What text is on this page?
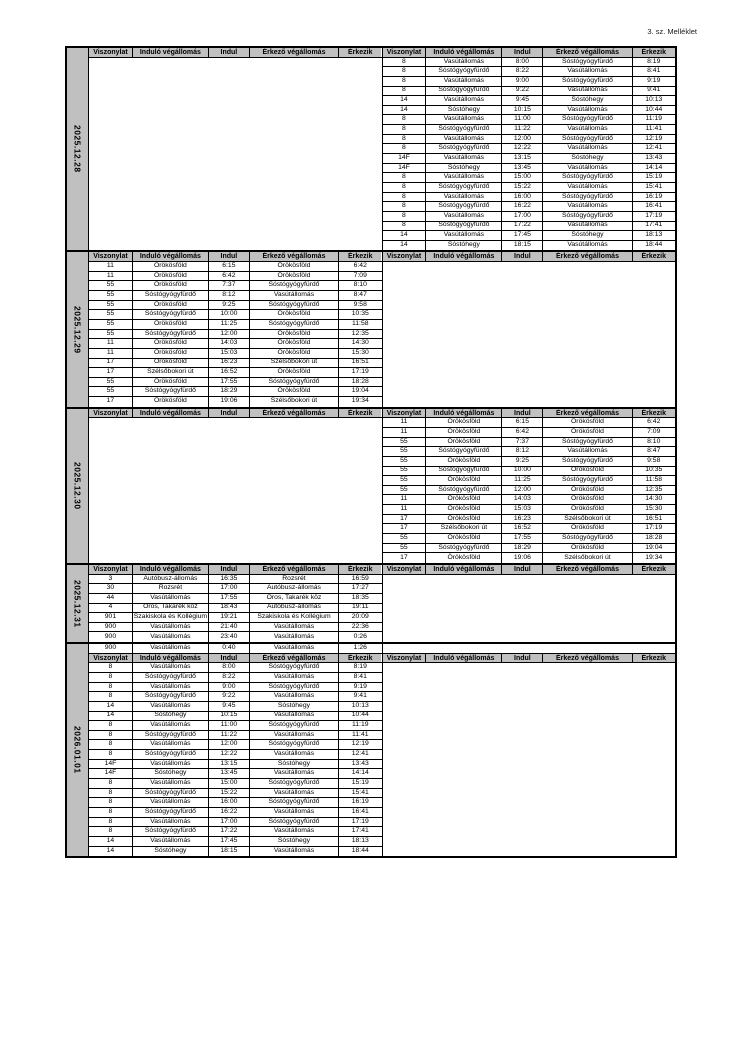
3. sz. Melléklet
2025.12.28
Viszonylat	Induló végállomás	Indul	Érkező végállomás	Érkezik	Viszonylat	Induló végállomás	Indul	Érkező végállomás	Érkezik
8	Vasútállomás	8:00	Sóstógyógyfürdő	8:19
8	Sóstógyógyfürdő	8:22	Vasútállomás	8:41
8	Vasútállomás	9:00	Sóstógyógyfürdő	9:19
8	Sóstógyógyfürdő	9:22	Vasútállomás	9:41
14	Vasútállomás	9:45	Sóstóhegy	10:13
14	Sóstóhegy	10:15	Vasútállomás	10:44
8	Vasútállomás	11:00	Sóstógyógyfürdő	11:19
8	Sóstógyógyfürdő	11:22	Vasútállomás	11:41
8	Vasútállomás	12:00	Sóstógyógyfürdő	12:19
8	Sóstógyógyfürdő	12:22	Vasútállomás	12:41
14F	Vasútállomás	13:15	Sóstóhegy	13:43
14F	Sóstóhegy	13:45	Vasútállomás	14:14
8	Vasútállomás	15:00	Sóstógyógyfürdő	15:19
8	Sóstógyógyfürdő	15:22	Vasútállomás	15:41
8	Vasútállomás	16:00	Sóstógyógyfürdő	16:19
8	Sóstógyógyfürdő	16:22	Vasútállomás	16:41
8	Vasútállomás	17:00	Sóstógyógyfürdő	17:19
8	Sóstógyógyfürdő	17:22	Vasútállomás	17:41
14	Vasútállomás	17:45	Sóstóhegy	18:13
14	Sóstóhegy	18:15	Vasútállomás	18:44
2025.12.29
Viszonylat	Induló végállomás	Indul	Érkező végállomás	Érkezik
11	Örökösföld	6:15	Örökösföld	6:42
11	Örökösföld	6:42	Örökösföld	7:09
55	Örökösföld	7:37	Sóstógyógyfürdő	8:10
55	Sóstógyógyfürdő	8:12	Vasútállomás	8:47
55	Örökösföld	9:25	Sóstógyógyfürdő	9:58
55	Sóstógyógyfürdő	10:00	Örökösföld	10:35
55	Örökösföld	11:25	Sóstógyógyfürdő	11:58
55	Sóstógyógyfürdő	12:00	Örökösföld	12:35
11	Örökösföld	14:03	Örökösföld	14:30
11	Örökösföld	15:03	Örökösföld	15:30
17	Örökösföld	16:23	Szélsőbokori út	16:51
17	Szélsőbokori út	16:52	Örökösföld	17:19
55	Örökösföld	17:55	Sóstógyógyfürdő	18:28
55	Sóstógyógyfürdő	18:29	Örökösföld	19:04
17	Örökösföld	19:06	Szélsőbokori út	19:34
Viszonylat	Induló végállomás	Indul	Érkező végállomás	Érkezik
2025.12.30
Viszonylat	Induló végállomás	Indul	Érkező végállomás	Érkezik	Viszonylat	Induló végállomás	Indul	Érkező végállomás	Érkezik
11	Örökösföld	6:15	Örökösföld	6:42
11	Örökösföld	6:42	Örökösföld	7:09
55	Örökösföld	7:37	Sóstógyógyfürdő	8:10
55	Sóstógyógyfürdő	8:12	Vasútállomás	8:47
55	Örökösföld	9:25	Sóstógyógyfürdő	9:58
55	Sóstógyógyfürdő	10:00	Örökösföld	10:35
55	Örökösföld	11:25	Sóstógyógyfürdő	11:58
55	Sóstógyógyfürdő	12:00	Örökösföld	12:35
11	Örökösföld	14:03	Örökösföld	14:30
11	Örökösföld	15:03	Örökösföld	15:30
17	Örökösföld	16:23	Szélsőbokori út	16:51
17	Szélsőbokori út	16:52	Örökösföld	17:19
55	Örökösföld	17:55	Sóstógyógyfürdő	18:28
55	Sóstógyógyfürdő	18:29	Örökösföld	19:04
17	Örökösföld	19:06	Szélsőbokori út	19:34
2025.12.31
Viszonylat	Induló végállomás	Indul	Érkező végállomás	Érkezik
3	Autóbusz-állomás	16:35	Rozsrét	16:59
30	Rozsrét	17:00	Autóbusz-állomás	17:27
44	Vasútállomás	17:55	Oros, Takarék köz	18:35
4	Oros, Takarék köz	18:43	Autóbusz-állomás	19:11
901	Szakiskola és Kollégium	19:21	Szakiskola és Kollégium	20:09
900	Vasútállomás	21:40	Vasútállomás	22:36
900	Vasútállomás	23:40	Vasútállomás	0:26
Viszonylat	Induló végállomás	Indul	Érkező végállomás	Érkezik
2026.01.01
900	Vasútállomás	0:40	Vasútállomás	1:26
Viszonylat	Induló végállomás	Indul	Érkező végállomás	Érkezik
8	Vasútállomás	8:00	Sóstógyógyfürdő	8:19
8	Sóstógyógyfürdő	8:22	Vasútállomás	8:41
8	Vasútállomás	9:00	Sóstógyógyfürdő	9:19
8	Sóstógyógyfürdő	9:22	Vasútállomás	9:41
14	Vasútállomás	9:45	Sóstóhegy	10:13
14	Sóstóhegy	10:15	Vasútállomás	10:44
8	Vasútállomás	11:00	Sóstógyógyfürdő	11:19
8	Sóstógyógyfürdő	11:22	Vasútállomás	11:41
8	Vasútállomás	12:00	Sóstógyógyfürdő	12:19
8	Sóstógyógyfürdő	12:22	Vasútállomás	12:41
14F	Vasútállomás	13:15	Sóstóhegy	13:43
14F	Sóstóhegy	13:45	Vasútállomás	14:14
8	Vasútállomás	15:00	Sóstógyógyfürdő	15:19
8	Sóstógyógyfürdő	15:22	Vasútállomás	15:41
8	Vasútállomás	16:00	Sóstógyógyfürdő	16:19
8	Sóstógyógyfürdő	16:22	Vasútállomás	16:41
8	Vasútállomás	17:00	Sóstógyógyfürdő	17:19
8	Sóstógyógyfürdő	17:22	Vasútállomás	17:41
14	Vasútállomás	17:45	Sóstóhegy	18:13
14	Sóstóhegy	18:15	Vasútállomás	18:44
Viszonylat	Induló végállomás	Indul	Érkező végállomás	Érkezik
